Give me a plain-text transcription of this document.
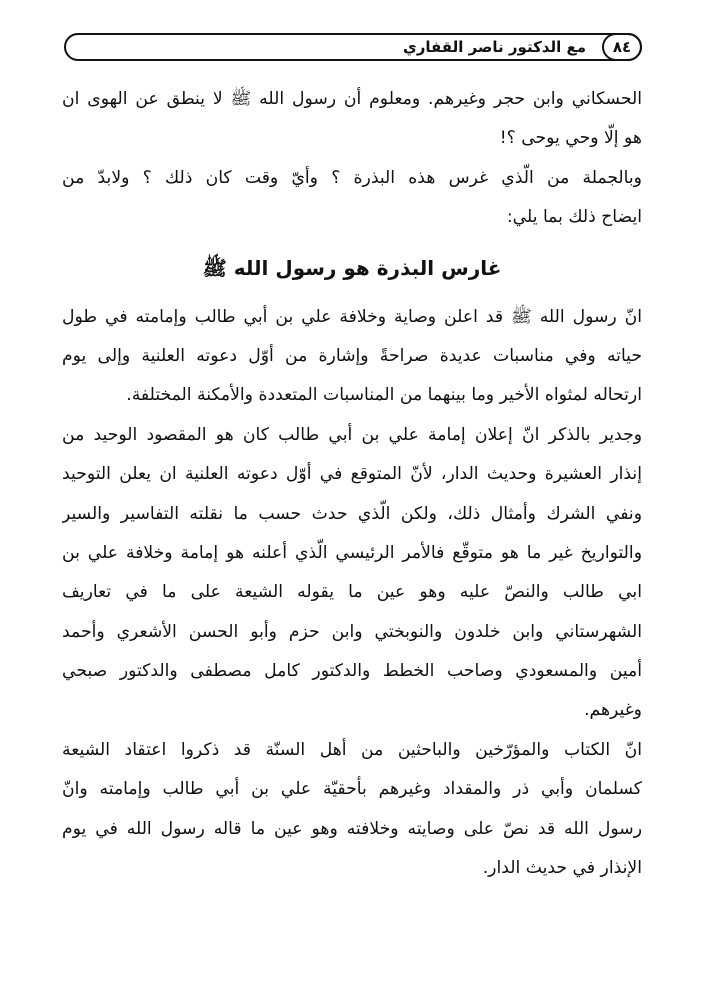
٨٤
مع الدكتور ناصر القفاري
الحسكاني وابن حجر وغيرهم. ومعلوم أن رسول الله ﷺ لا ينطق عن الهوى ان
هو إلّا وحي يوحى ؟!
وبالجملة من الّذي غرس هذه البذرة ؟ وأيّ وقت كان ذلك ؟ ولابدّ من
ايضاح ذلك بما يلي:
غارس البذرة هو رسول الله ﷺ
انّ رسول الله ﷺ قد اعلن وصاية وخلافة علي بن أبي طالب وإمامته في طول
حياته وفي مناسبات عديدة صراحةً وإشارة من أوّل دعوته العلنية وإلى يوم
ارتحاله لمثواه الأخير وما بينهما من المناسبات المتعددة والأمكنة المختلفة.
وجدير بالذكر انّ إعلان إمامة علي بن أبي طالب كان هو المقصود الوحيد من
إنذار العشيرة وحديث الدار، لأنّ المتوقع في أوّل دعوته العلنية ان يعلن التوحيد
ونفي الشرك وأمثال ذلك، ولكن الّذي حدث حسب ما نقلته التفاسير والسير
والتواريخ غير ما هو متوقّع فالأمر الرئيسي الّذي أعلنه هو إمامة وخلافة علي بن
ابي طالب والنصّ عليه وهو عين ما يقوله الشيعة على ما في تعاريف
الشهرستاني وابن خلدون والنوبختي وابن حزم وأبو الحسن الأشعري وأحمد
أمين والمسعودي وصاحب الخطط والدكتور كامل مصطفى والدكتور صبحي
وغيرهم.
انّ الكتاب والمؤرّخين والباحثين من أهل السنّة قد ذكروا اعتقاد الشيعة
كسلمان وأبي ذر والمقداد وغيرهم بأحقيّة علي بن أبي طالب وإمامته وانّ
رسول الله قد نصّ على وصايته وخلافته وهو عين ما قاله رسول الله في يوم
الإنذار في حديث الدار.
